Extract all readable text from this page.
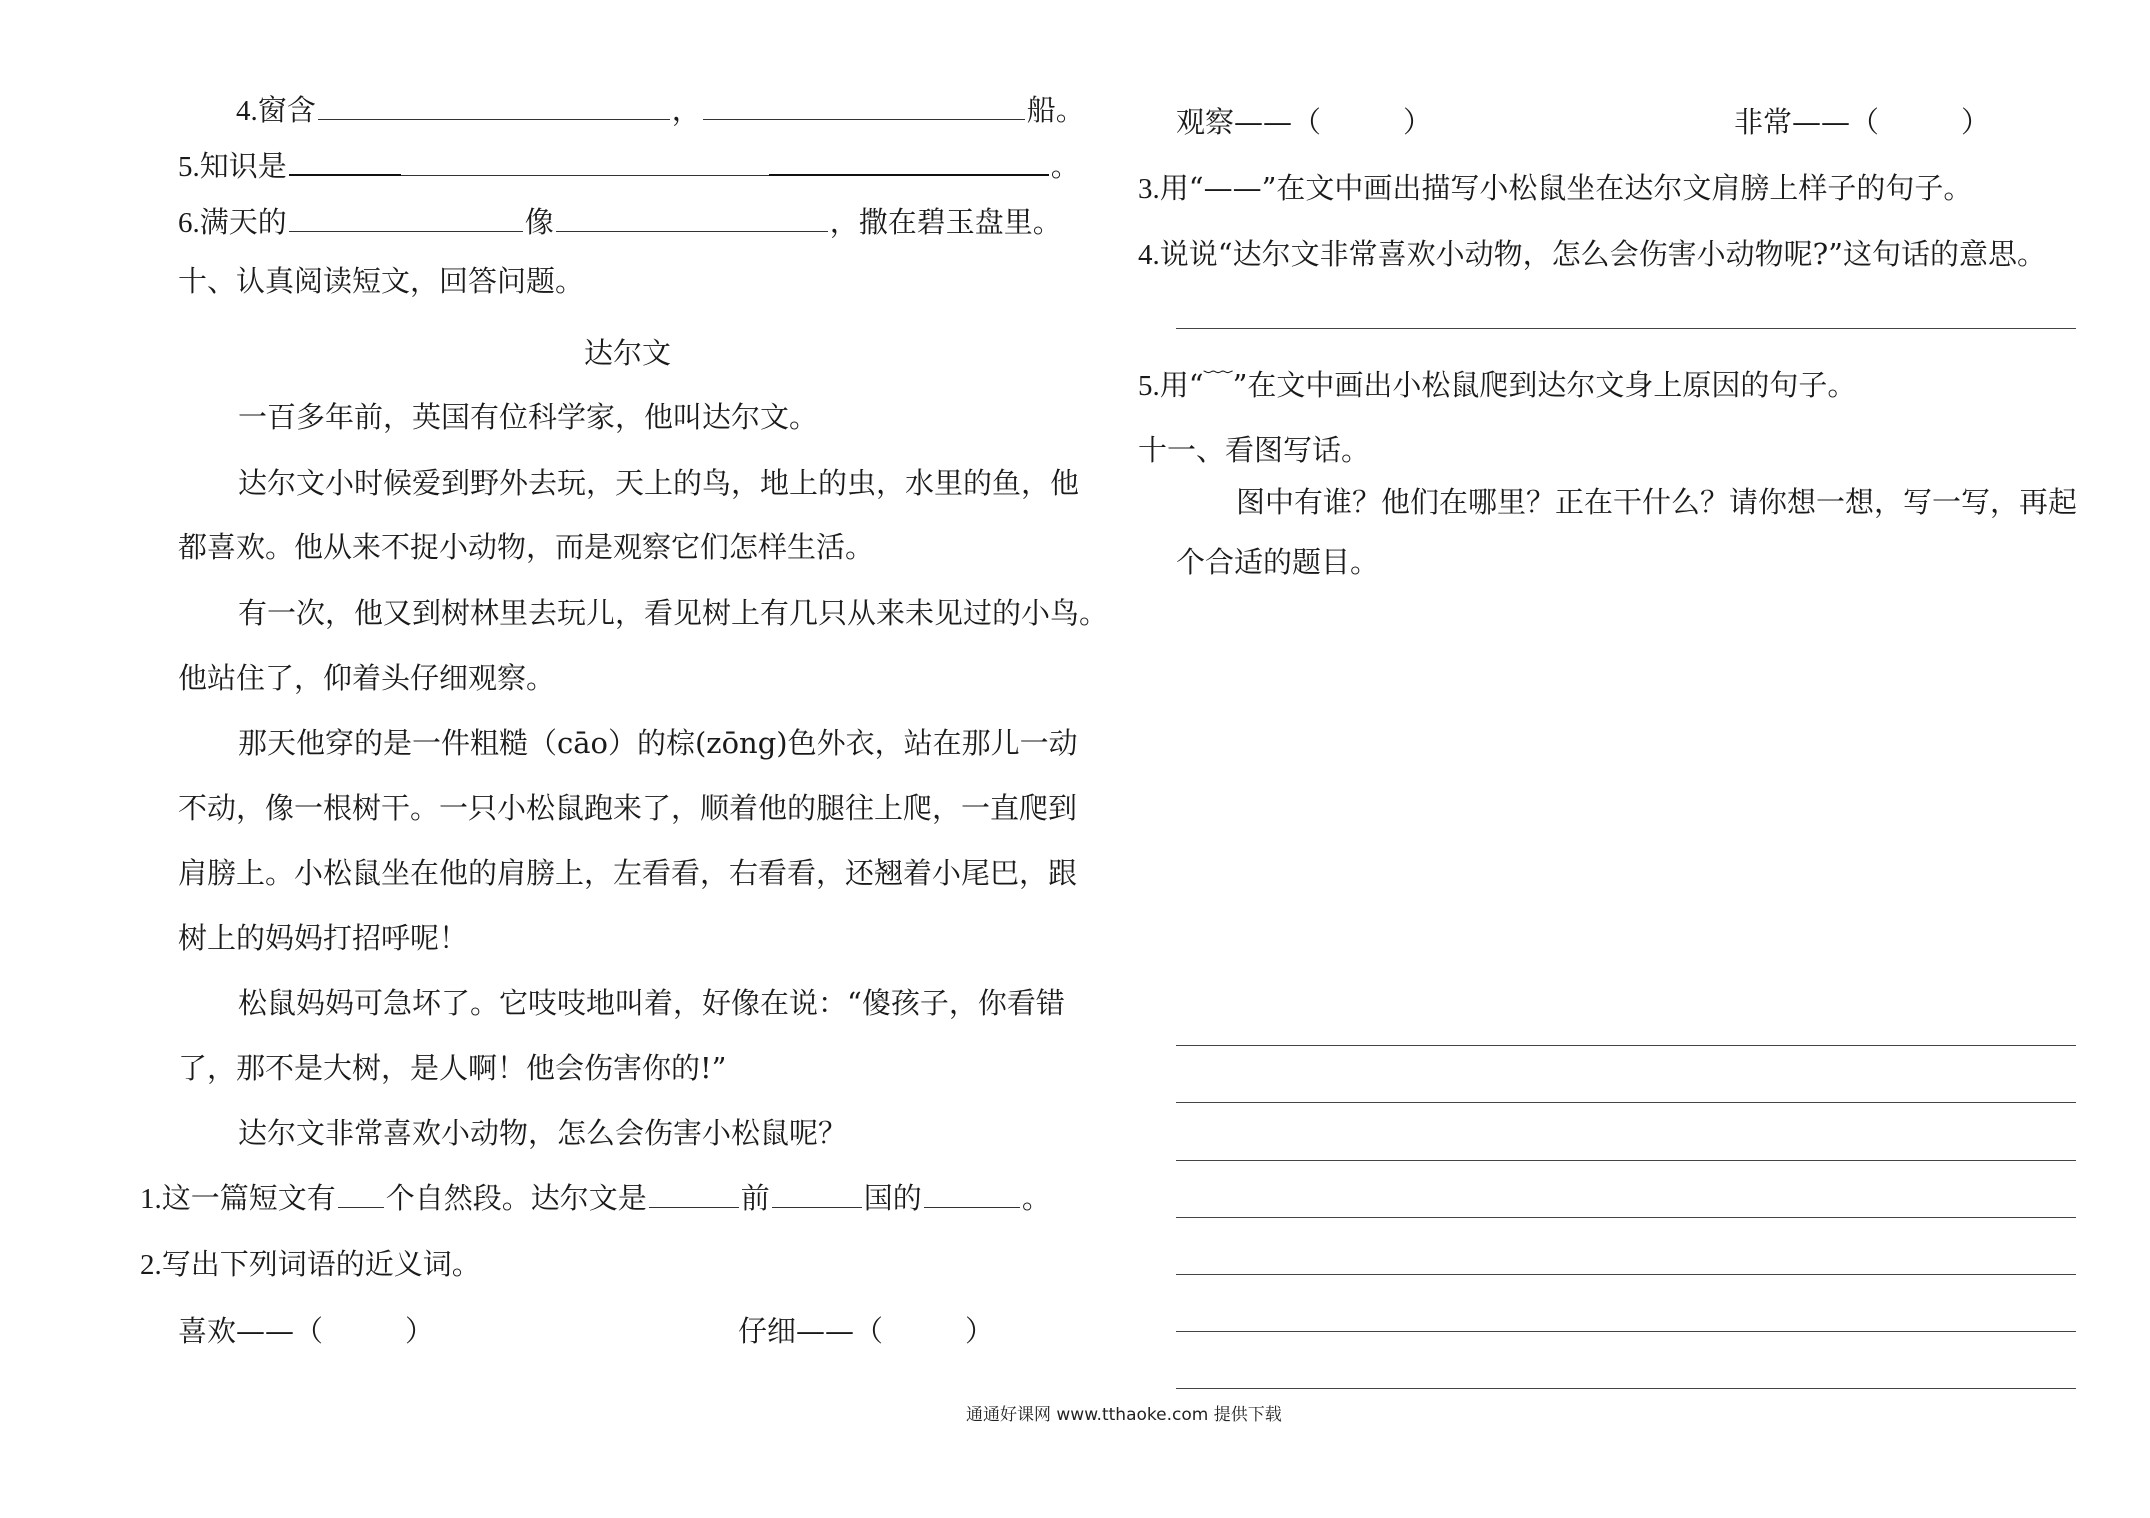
4.窗含	，	船。
5.知识是	。
6.满天的	像	，撒在碧玉盘里。
十、认真阅读短文，回答问题。
达尔文
一百多年前，英国有位科学家，他叫达尔文。
达尔文小时候爱到野外去玩，天上的鸟，地上的虫，水里的鱼，他
都喜欢。他从来不捉小动物，而是观察它们怎样生活。
有一次，他又到树林里去玩儿，看见树上有几只从来未见过的小鸟。
他站住了，仰着头仔细观察。
那天他穿的是一件粗糙（cāo）的棕(zōng)色外衣，站在那儿一动
不动，像一根树干。一只小松鼠跑来了，顺着他的腿往上爬，一直爬到
肩膀上。小松鼠坐在他的肩膀上，左看看，右看看，还翘着小尾巴，跟
树上的妈妈打招呼呢！
松鼠妈妈可急坏了。它吱吱地叫着，好像在说：“傻孩子，你看错
了，那不是大树，是人啊！他会伤害你的!”
达尔文非常喜欢小动物，怎么会伤害小松鼠呢？
1.这一篇短文有 个自然段。达尔文是	前	国的	。
2.写出下列词语的近义词。
喜欢——（	）	仔细——（	）
观察——（	）	非常——（	）
3.用“——”在文中画出描写小松鼠坐在达尔文肩膀上样子的句子。
4.说说“达尔文非常喜欢小动物，怎么会伤害小动物呢?”这句话的意思。
5.用“﹋”在文中画出小松鼠爬到达尔文身上原因的句子。
十一、看图写话。
图中有谁？他们在哪里？正在干什么？请你想一想，写一写，再起
个合适的题目。
通通好课网 www.tthaoke.com 提供下载
